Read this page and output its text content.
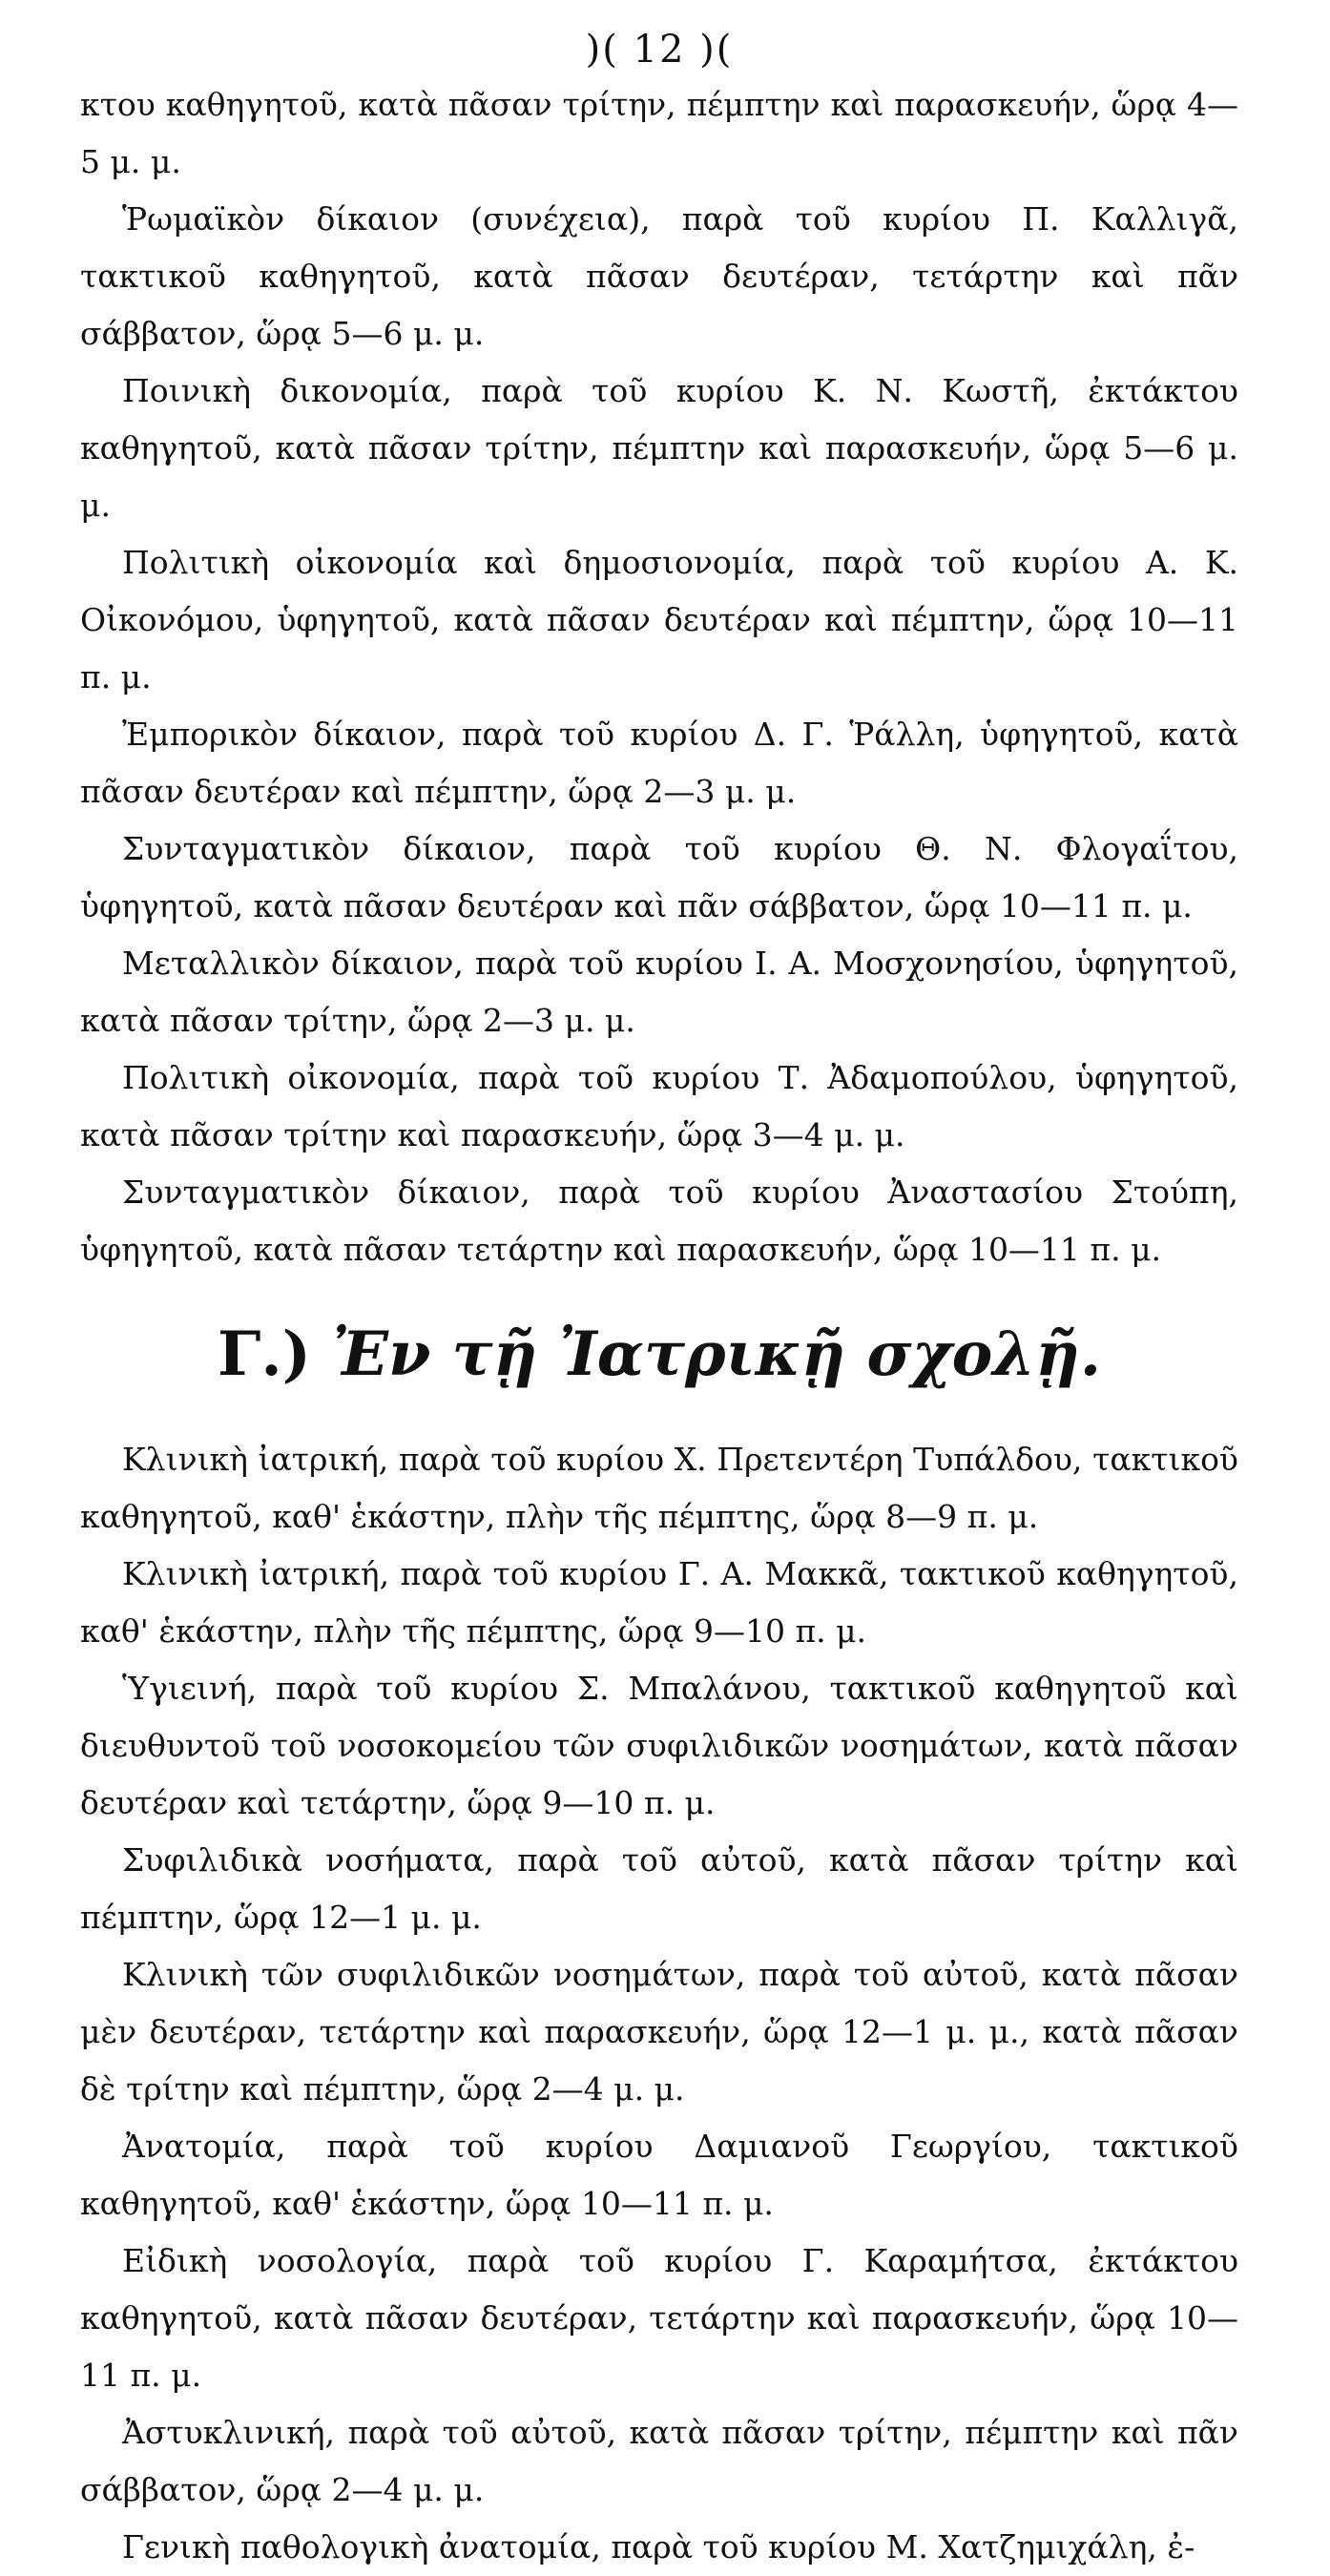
)( 12 )(

κτου καθηγητοῦ, κατὰ πᾶσαν τρίτην, πέμπτην καὶ παρασκευήν, ὥρᾳ 4—5 μ. μ.

Ῥωμαϊκὸν δίκαιον (συνέχεια), παρὰ τοῦ κυρίου Π. Καλλιγᾶ, τακτικοῦ καθηγητοῦ, κατὰ πᾶσαν δευτέραν, τετάρτην καὶ πᾶν σάββατον, ὥρᾳ 5—6 μ. μ.

Ποινικὴ δικονομία, παρὰ τοῦ κυρίου Κ. Ν. Κωστῆ, ἐκτάκτου καθηγητοῦ, κατὰ πᾶσαν τρίτην, πέμπτην καὶ παρασκευήν, ὥρᾳ 5—6 μ. μ.

Πολιτικὴ οἰκονομία καὶ δημοσιονομία, παρὰ τοῦ κυρίου Α. Κ. Οἰκονόμου, ὑφηγητοῦ, κατὰ πᾶσαν δευτέραν καὶ πέμπτην, ὥρᾳ 10—11 π. μ.

Ἐμπορικὸν δίκαιον, παρὰ τοῦ κυρίου Δ. Γ. Ῥάλλη, ὑφηγητοῦ, κατὰ πᾶσαν δευτέραν καὶ πέμπτην, ὥρᾳ 2—3 μ. μ.

Συνταγματικὸν δίκαιον, παρὰ τοῦ κυρίου Θ. Ν. Φλογαΐτου, ὑφηγητοῦ, κατὰ πᾶσαν δευτέραν καὶ πᾶν σάββατον, ὥρᾳ 10—11 π. μ.

Μεταλλικὸν δίκαιον, παρὰ τοῦ κυρίου Ι. Α. Μοσχονησίου, ὑφηγητοῦ, κατὰ πᾶσαν τρίτην, ὥρᾳ 2—3 μ. μ.

Πολιτικὴ οἰκονομία, παρὰ τοῦ κυρίου Τ. Ἀδαμοπούλου, ὑφηγητοῦ, κατὰ πᾶσαν τρίτην καὶ παρασκευήν, ὥρᾳ 3—4 μ. μ.

Συνταγματικὸν δίκαιον, παρὰ τοῦ κυρίου Ἀναστασίου Στούπη, ὑφηγητοῦ, κατὰ πᾶσαν τετάρτην καὶ παρασκευήν, ὥρᾳ 10—11 π. μ.

Γ.) Ἐν τῇ Ἰατρικῇ σχολῇ.

Κλινικὴ ἰατρική, παρὰ τοῦ κυρίου Χ. Πρετεντέρη Τυπάλδου, τακτικοῦ καθηγητοῦ, καθ' ἑκάστην, πλὴν τῆς πέμπτης, ὥρᾳ 8—9 π. μ.

Κλινικὴ ἰατρική, παρὰ τοῦ κυρίου Γ. Α. Μακκᾶ, τακτικοῦ καθηγητοῦ, καθ' ἑκάστην, πλὴν τῆς πέμπτης, ὥρᾳ 9—10 π. μ.

Ὑγιεινή, παρὰ τοῦ κυρίου Σ. Μπαλάνου, τακτικοῦ καθηγητοῦ καὶ διευθυντοῦ τοῦ νοσοκομείου τῶν συφιλιδικῶν νοσημάτων, κατὰ πᾶσαν δευτέραν καὶ τετάρτην, ὥρᾳ 9—10 π. μ.

Συφιλιδικὰ νοσήματα, παρὰ τοῦ αὐτοῦ, κατὰ πᾶσαν τρίτην καὶ πέμπτην, ὥρᾳ 12—1 μ. μ.

Κλινικὴ τῶν συφιλιδικῶν νοσημάτων, παρὰ τοῦ αὐτοῦ, κατὰ πᾶσαν μὲν δευτέραν, τετάρτην καὶ παρασκευήν, ὥρᾳ 12—1 μ. μ., κατὰ πᾶσαν δὲ τρίτην καὶ πέμπτην, ὥρᾳ 2—4 μ. μ.

Ἀνατομία, παρὰ τοῦ κυρίου Δαμιανοῦ Γεωργίου, τακτικοῦ καθηγητοῦ, καθ' ἑκάστην, ὥρᾳ 10—11 π. μ.

Εἰδικὴ νοσολογία, παρὰ τοῦ κυρίου Γ. Καραμήτσα, ἐκτάκτου καθηγητοῦ, κατὰ πᾶσαν δευτέραν, τετάρτην καὶ παρασκευήν, ὥρᾳ 10—11 π. μ.

Ἀστυκλινική, παρὰ τοῦ αὐτοῦ, κατὰ πᾶσαν τρίτην, πέμπτην καὶ πᾶν σάββατον, ὥρᾳ 2—4 μ. μ.

Γενικὴ παθολογικὴ ἀνατομία, παρὰ τοῦ κυρίου Μ. Χατζημιχάλη, ἐ-
